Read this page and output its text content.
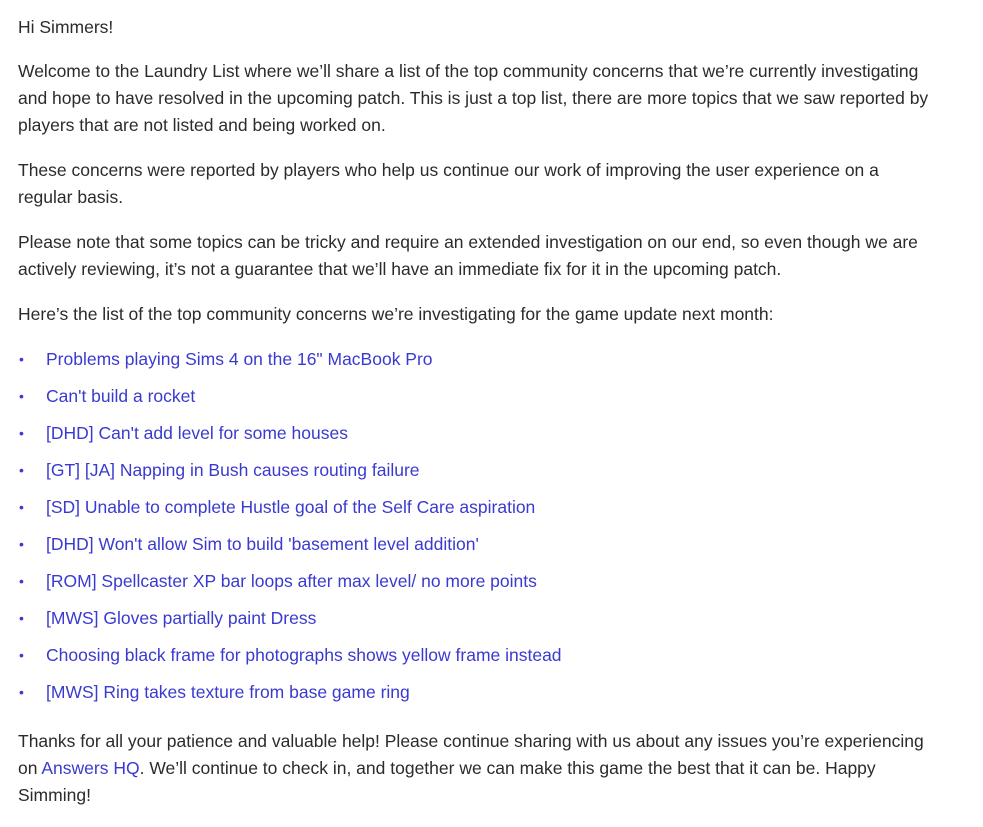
Hi Simmers!

Welcome to the Laundry List where we’ll share a list of the top community concerns that we’re currently investigating and hope to have resolved in the upcoming patch. This is just a top list, there are more topics that we saw reported by players that are not listed and being worked on.

These concerns were reported by players who help us continue our work of improving the user experience on a regular basis.

Please note that some topics can be tricky and require an extended investigation on our end, so even though we are actively reviewing, it’s not a guarantee that we’ll have an immediate fix for it in the upcoming patch.

Here’s the list of the top community concerns we’re investigating for the game update next month:

• Problems playing Sims 4 on the 16" MacBook Pro
• Can't build a rocket
• [DHD] Can't add level for some houses
• [GT] [JA] Napping in Bush causes routing failure
• [SD] Unable to complete Hustle goal of the Self Care aspiration
• [DHD] Won't allow Sim to build 'basement level addition'
• [ROM] Spellcaster XP bar loops after max level/ no more points
• [MWS] Gloves partially paint Dress
• Choosing black frame for photographs shows yellow frame instead
• [MWS] Ring takes texture from base game ring

Thanks for all your patience and valuable help! Please continue sharing with us about any issues you’re experiencing on Answers HQ. We’ll continue to check in, and together we can make this game the best that it can be. Happy Simming!
